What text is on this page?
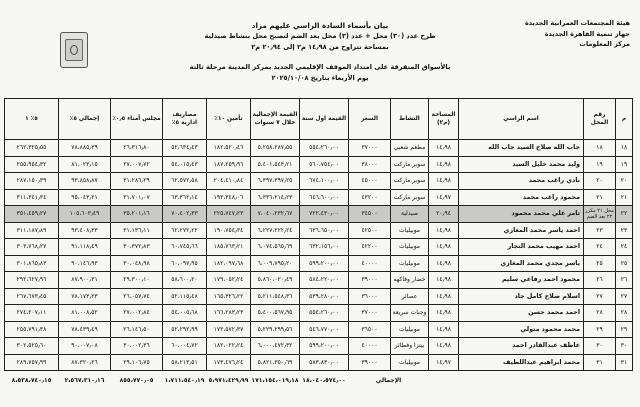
هيئة المجتمعات العمرانية الجديدة
جهاز تنمية القاهرة الجديدة
مركز المعلومات
بيان بأسماء السادة الراسي عليهم مزاد
طرح عدد (٣٠) محل + عدد (٣) محل بعد الضم لتصبح محل بنشاط صيدلية
بمساحة تتراوح من ١٤٫٩٨ م٢ إلى ٢٠٫٩٤ م٢
بالأسواق المتفرقة على امتداد الموقف الإقليمي الجديد بمركز المدينة مرحلة ثالثة
يوم الأربعاء بتاريخ ٢٠٢٥/١٠/٠٨
م	رقم المحل	اسم الراسي	المساحة (م٢)	النشاط	السعر	القيمة اول سنة	القيمة الإجمالية خلال ٧ سنوات	تأمين ١٠٪	مصاريف ادارية ٥٪	مجلس أمناء ٠٫٥٪	إجمالي ٥٪	٥٪ ١
١٨	١٨	جاب الله صلاح السيد جاب الله	١٤٫٩٨	مطعم شعبي	٣٧٠٠٠	٥٥٤،٢٦٠٫٠٠	٥،٢٥٨،٢٨٧٫٥٥	١٨٢،٥٢٠٫٤٦	٥٢،٦٣٤٫٤٣	٢٦،٣١٦٫٨٠	٧٨،٨٨٥٫٣٩	٢٦٢،٣٢٥٫٥٥
١٩	١٩	وليد محمد خليل السيد	١٤٫٩٨	سوبر ماركت	٣٨٠٠٠	٥٦٠،٧٥٤٫٠٠	٥،٤٠١،٥٤٣٫٢١	١٨٧،٢٥٩٫٩٦	٥٤،٠١٥٫٤٣	٢٧،٠٠٧٫٧٢	٨١،٠٢٣٫١٥	٢٥٥،٩٥٤٫٣٢
٢٠	٢٠	نادي راغب محمد	١٤٫٩٨	سوبر ماركت	٤٥٠٠٠	٦٧٤،١٠٠٫٠٠	٦،٣٩٧،٣٩٧٫٢٥	٢٠٤،٤١٠٫٨٤	٦٢،٥٧٢٫٥٨	٣١،٢٨٦٫٢٩	٩٣،٨٥٨٫٨٧	٢٨٧،١٥٠٫٣٩
٢١	٢١	محمود راغب محمد	١٤٫٩٧	سوبر ماركت	٤٣٢٠٠	٦٤٦،٦٠٠٫٠٠	٦،٣٣٦،٢١٤٫٢٣	١٩٣،٣٤٨٫٠٦	٦٣،٣٦٢٫١٤	٣١،٧٠١٫٠٧	٩٥،٠٤٣٫٢١	٣١١،٣٤١٫٣٤
٢٢	محل ٢١ مکرر ٢٢ بعد الضم	تامر علي محمد محمود	٢٠٫٩٤	صيدلية	٣٤٥٠٠	٧٢٢،٤٣٠٫٠٠	٧،٠٤٠،٢٣٢٫٦٧	٢٢٥،٧٤٧٫٢٣	٧٠،٤٠٢٫٣٣	٣٥،٢٠١٫١٦	١٠٥،٦٠٣٫٤٩	٣٥١،٤٥٩٫٢٧
٢٣	٢٣	احمد ياسر محمد المغازي	١٤٫٩٨	موبيليات	٤٢٥٠٠	٦٣٦،٦٥٠٫٠٠	٦،٢٢٧،٢٢٢٫٢٤	١٩٠،٧٥٤٫٣٤	٦٢،٢٧٢٫٢٢	٣١،١٣٦٫١١	٩٣،٤٠٨٫٣٣	٣١١،١٨٧٫٨٩
٢٤	٢٤	احمد مهيب محمد النجار	١٤٫٩٨	موبيليات	٤٢٢٠٠	٦٣٢،١٥٦٫٠٠	٦،٠٧٤،٥٦٥٫٦٩	١٨٥،٧٦٣٫٢١	٦٠،٧٤٥٫٦٦	٣٠،٣٧٢٫٨٣	٩١،١١٨٫٤٩	٣٠٣،٧٦٨٫٢٧
٢٥	٢٥	ياسر مجدي محمد المغازي	١٤٫٩٨	موبيليات	٤٠٠٠٠	٥٩٩،٢٠٠٫٠٠	٦،٠٠٩،٧٩٥٫٢٠	١٨٢،٠٩٧٫٦٨	٦٠،٠٩٧٫٩٥	٣٠،٠٤٨٫٩٨	٩٠،١٤٦٫٩٣	٣٠١،٨٦٥٫٨٣
٢٦	٢٦	محمود احمد رفاعي سليم	١٤٫٩٨	خضار وفاكهه	٣٩٠٠٠	٥٨٤،٢٢٠٫٠٠	٥،٨٦٠،٠٢٠٫٤٩	١٧٩،٠٥٢٫٢٤	٥٨،٦٠٠٫٢٠	٢٩،٣٠٠٫١٠	٨٧،٩٠٠٫٣١	٢٩٢،٦٢٧٫٩٦
٢٧	٢٧	اسلام صلاح كامل جاد	١٤٫٩٨	عصائر	٣٦٠٠٠	٥٣٩،٢٨٠٫٠٠	٥،٢١١،٥٤٨٫٣٦	١٦٥،٣٢٦٫٢٢	٥٢،١١٥٫٤٨	٢٦،٠٥٧٫٧٤	٧٨،١٧٣٫٢٣	٢٦٧،٦٧٣٫٤٥
٢٨	٢٨	احمد محمد حسن	١٤٫٩٨	وجبات سريعة	٣٧٠٠٠	٥٥٤،٢٦٠٫٠٠	٥،٤٠٠،٥٦٧٫٩٥	١٦٦،٢٨٣٫٢٣	٥٤،٠٠٥٫٦٨	٢٧،٠٠٢٫٨٤	٨١،٠٠٨٫٥٢	٢٧٤،٢٠٧٫١١
٢٩	٢٩	محمد محمود متولي	١٤٫٩٨	موبيليات	٣٦٥٠٠	٥٤٦،٧٧٠٫٠٠	٥،٢٢٩،٢٩٩٫٥٦	١٧٣،٥٧٢٫٣٧	٥٢،٢٩٢٫٩٩	٢٦،١٤٦٫٥٠	٧٨،٤٣٩٫٤٩	٢٥٥،٧٩١٫٣٨
٣٠	٣٠	عاطف عبدالقادر احمد	١٤٫٩٨	بيتزا وفطائر	٤٠٠٠٠	٥٩٩،٢٠٠٫٠٠	٦،٠٠٠،٤٧٢٫٣٢	١٨٢،٠٢٢٫٢٤	٦٠،٠٠٤٫٧٢	٣٠،٠٠٢٫٣٦	٩٠،٠٠٧٫٠٨	٣٠٢،٥٢٥٫٦٠
٣١	٣١	محمد ابراهيم عبداللطيف	١٤٫٩٧	موبيليات	٣٩٠٠٠	٥٨٣،٨٣٠٫٠٠	٥،٨٢١،٣٥٠٫٦٩	١٧٣،٤٧٦٫٢٤	٥٨،٢١٣٫٥١	٢٩،١٠٦٫٧٥	٨٧،٣٢٠٫٢٦	٢٨٩،٧٥٧٫٩٩
				الإجمالي		١٨،٠٤٠،٥٧٤٫٠٠	١٧١،١٥٤،٠١٩٫١٨	٥،٩٧١،٤٢٩٫٩٩	١،٧١١،٥٤٠٫١٩	٨٥٥،٧٧٠٫٠٥	٢،٥٦٧،٣١٠٫١٦	٨،٥٣٨،٧٤٠٫١٥
